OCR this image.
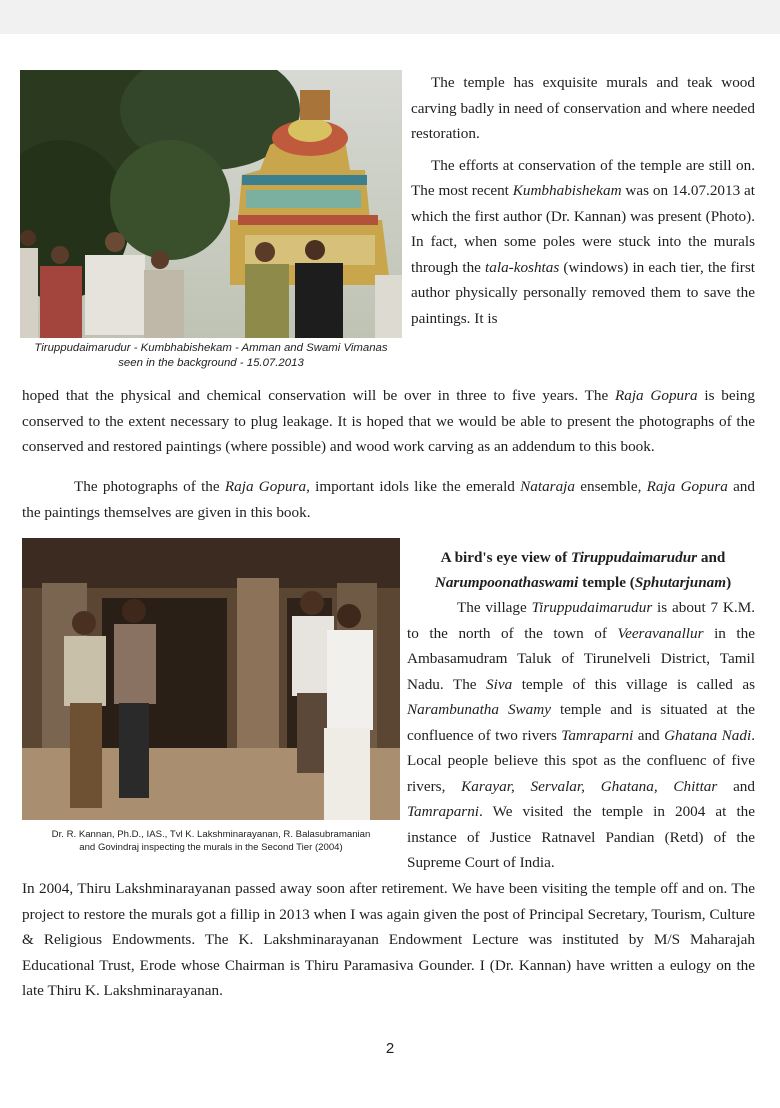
Tiruppudaimarudur - Kumbhabishekam - Amman and Swami Vimanas
seen in the background - 15.07.2013

The temple has exquisite murals and teak wood carving badly in need of conservation and where needed restoration.

The efforts at conservation of the temple are still on. The most recent Kumbhabishekam was on 14.07.2013 at which the first author (Dr. Kannan) was present (Photo). In fact, when some poles were stuck into the murals through the tala-koshtas (windows) in each tier, the first author physically personally removed them to save the paintings. It is

hoped that the physical and chemical conservation will be over in three to five years. The Raja Gopura is being conserved to the extent necessary to plug leakage. It is hoped that we would be able to present the photographs of the conserved and restored paintings (where possible) and wood work carving as an addendum to this book.
The photographs of the Raja Gopura, important idols like the emerald Nataraja ensemble, Raja Gopura and the paintings themselves are given in this book.
Dr. R. Kannan, Ph.D., IAS., Tvl K. Lakshminarayanan, R. Balasubramanian
and Govindraj inspecting the murals in the Second Tier (2004)
A bird's eye view of Tiruppudaimarudur and
Narumpoonathaswami temple (Sphutarjunam)
The village Tiruppudaimarudur is about 7 K.M. to the north of the town of Veeravanallur in the Ambasamudram Taluk of Tirunelveli District, Tamil Nadu. The Siva temple of this village is called as Narambunatha Swamy temple and is situated at the confluence of two rivers Tamraparni and Ghatana Nadi. Local people believe this spot as the confluenc of five rivers, Karayar, Servalar, Ghatana, Chittar and Tamraparni. We visited the temple in 2004 at the instance of Justice Ratnavel Pandian (Retd) of the Supreme Court of India.
In 2004, Thiru Lakshminarayanan passed away soon after retirement. We have been visiting the temple off and on. The project to restore the murals got a fillip in 2013 when I was again given the post of Principal Secretary, Tourism, Culture & Religious Endowments. The K. Lakshminarayanan Endowment Lecture was instituted by M/S Maharajah Educational Trust, Erode whose Chairman is Thiru Paramasiva Gounder. I (Dr. Kannan) have written a eulogy on the late Thiru K. Lakshminarayanan.
2
